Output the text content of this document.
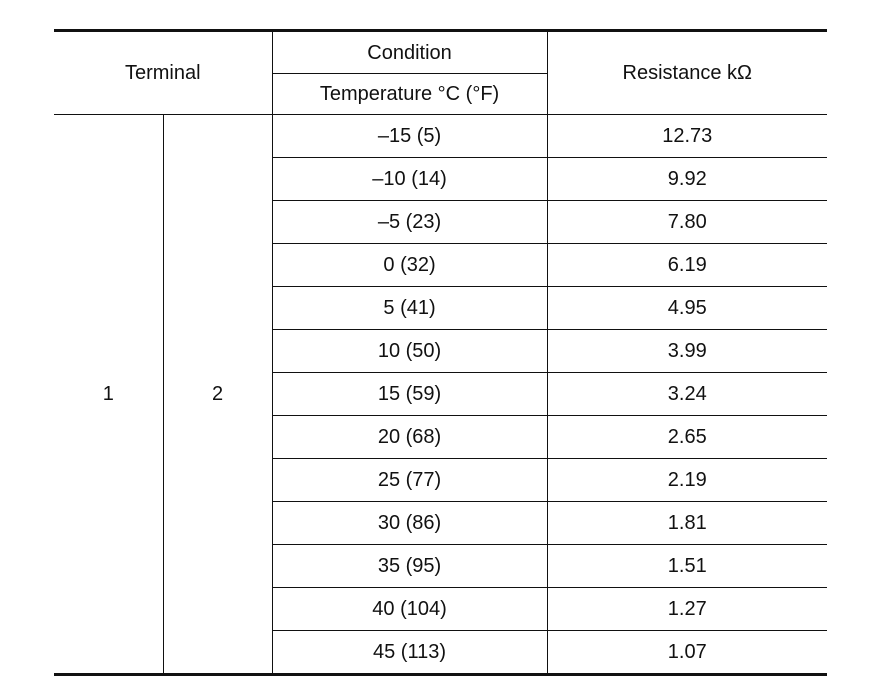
Terminal		Condition	Resistance kΩ
		Temperature °C (°F)	
1	2	–15 (5)	12.73
		–10 (14)	9.92
		–5 (23)	7.80
		0 (32)	6.19
		5 (41)	4.95
		10 (50)	3.99
		15 (59)	3.24
		20 (68)	2.65
		25 (77)	2.19
		30 (86)	1.81
		35 (95)	1.51
		40 (104)	1.27
		45 (113)	1.07
